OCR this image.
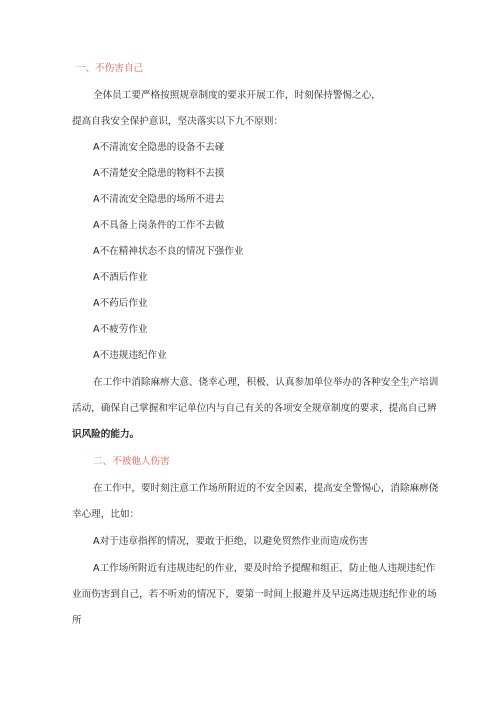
一、不伤害自己
全体员工要严格按照规章制度的要求开展工作，时刻保持警惕之心，
提高自我安全保护意识，坚决落实以下九不原则：
A不清流安全隐患的设备不去碰
A不清楚安全隐患的物料不去摸
A不清流安全隐患的场所不进去
A不具备上岗条件的工作不去做
A不在精神状态不良的情况下强作业
A不酒后作业
A不药后作业
A不疲劳作业
A不违规违纪作业
在工作中消除麻痹大意、侥幸心理，积极、认真参加单位举办的各种安全生产培训
活动，确保自己掌握和牢记单位内与自己有关的各项安全规章制度的要求，提高自己辨
识风险的能力。
二、不被他人伤害
在工作中，要时刻注意工作场所附近的不安全因素，提高安全警惕心，消除麻痹侥
幸心理，比如：
A对于违章指挥的情况，要敢于拒绝，以避免贸然作业而造成伤害
A工作场所附近有违规违纪的作业，要及时给予提醒和组正，防止他人违规违纪作
业而伤害到自己，若不听劝的情况下，要第一时间上报避并及早远离违规违纪作业的场
所
